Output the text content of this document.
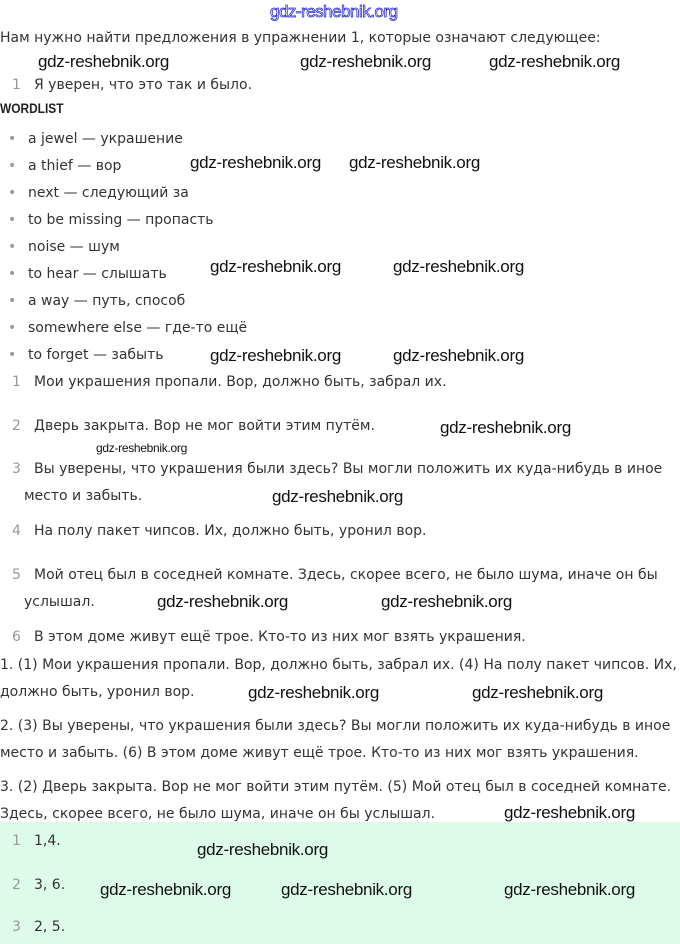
gdz-reshebnik.org
Нам нужно найти предложения в упражнении 1, которые означают следующее:
1 Я уверен, что это так и было.
WORDLIST
• a jewel — украшение
• a thief — вор
• next — следующий за
• to be missing — пропасть
• noise — шум
• to hear — слышать
• a way — путь, способ
• somewhere else — где-то ещё
• to forget — забыть
1 Мои украшения пропали. Вор, должно быть, забрал их.
2 Дверь закрыта. Вор не мог войти этим путём.
3 Вы уверены, что украшения были здесь? Вы могли положить их куда-нибудь в иное
место и забыть.
4 На полу пакет чипсов. Их, должно быть, уронил вор.
5 Мой отец был в соседней комнате. Здесь, скорее всего, не было шума, иначе он бы
услышал.
6 В этом доме живут ещё трое. Кто-то из них мог взять украшения.
1. (1) Мои украшения пропали. Вор, должно быть, забрал их. (4) На полу пакет чипсов. Их,
должно быть, уронил вор.
2. (3) Вы уверены, что украшения были здесь? Вы могли положить их куда-нибудь в иное
место и забыть. (6) В этом доме живут ещё трое. Кто-то из них мог взять украшения.
3. (2) Дверь закрыта. Вор не мог войти этим путём. (5) Мой отец был в соседней комнате.
Здесь, скорее всего, не было шума, иначе он бы услышал.
1 1,4.
2 3, 6.
3 2, 5.
gdz-reshebnik.org	gdz-reshebnik.org	gdz-reshebnik.org
gdz-reshebnik.org gdz-reshebnik.org
gdz-reshebnik.org	gdz-reshebnik.org
gdz-reshebnik.org	gdz-reshebnik.org
gdz-reshebnik.org
gdz-reshebnik.org
gdz-reshebnik.org
gdz-reshebnik.org	gdz-reshebnik.org
gdz-reshebnik.org	gdz-reshebnik.org
gdz-reshebnik.org
gdz-reshebnik.org
gdz-reshebnik.org	gdz-reshebnik.org	gdz-reshebnik.org
